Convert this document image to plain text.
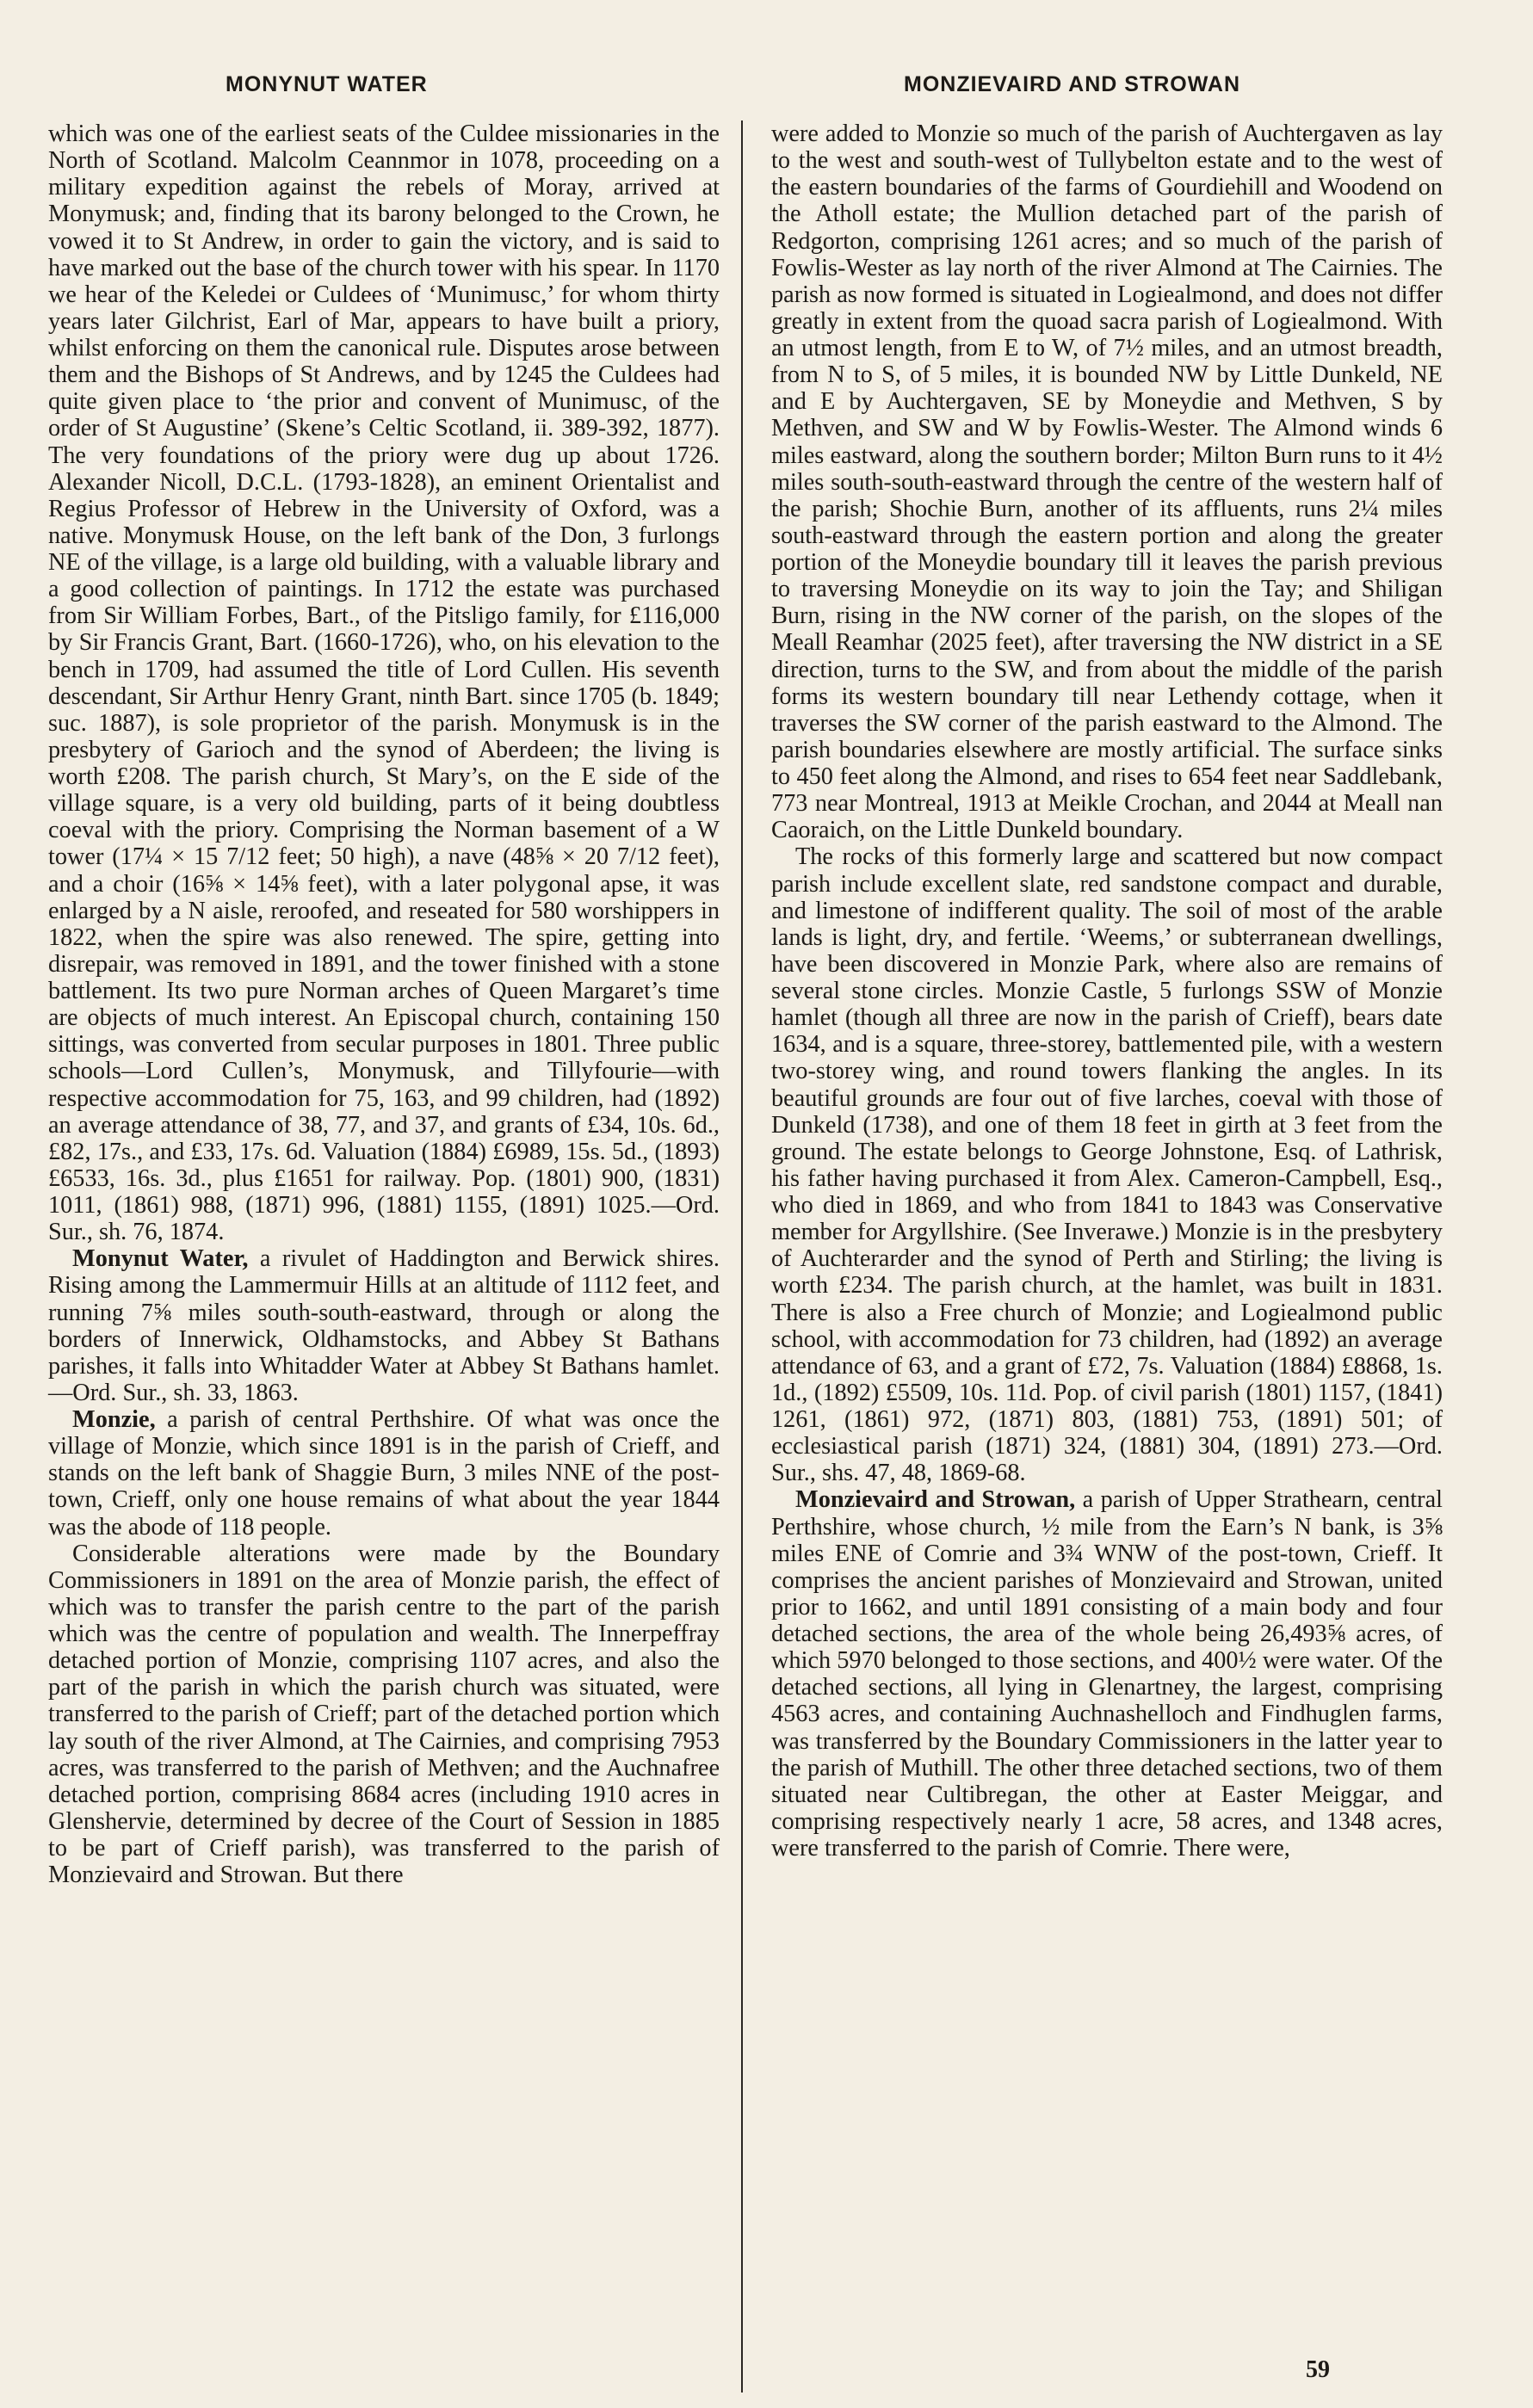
MONYNUT WATER	MONZIEVAIRD AND STROWAN

which was one of the earliest seats of the Culdee missionaries in the North of Scotland. Malcolm Ceannmor in 1078, proceeding on a military expedition against the rebels of Moray, arrived at Monymusk; and, finding that its barony belonged to the Crown, he vowed it to St Andrew, in order to gain the victory, and is said to have marked out the base of the church tower with his spear. In 1170 we hear of the Keledei or Culdees of ‘Munimusc,’ for whom thirty years later Gilchrist, Earl of Mar, appears to have built a priory, whilst enforcing on them the canonical rule. Disputes arose between them and the Bishops of St Andrews, and by 1245 the Culdees had quite given place to ‘the prior and convent of Munimusc, of the order of St Augustine’ (Skene’s Celtic Scotland, ii. 389-392, 1877). The very foundations of the priory were dug up about 1726. Alexander Nicoll, D.C.L. (1793-1828), an eminent Orientalist and Regius Professor of Hebrew in the University of Oxford, was a native. Monymusk House, on the left bank of the Don, 3 furlongs NE of the village, is a large old building, with a valuable library and a good collection of paintings. In 1712 the estate was purchased from Sir William Forbes, Bart., of the Pitsligo family, for £116,000 by Sir Francis Grant, Bart. (1660-1726), who, on his elevation to the bench in 1709, had assumed the title of Lord Cullen. His seventh descendant, Sir Arthur Henry Grant, ninth Bart. since 1705 (b. 1849; suc. 1887), is sole proprietor of the parish. Monymusk is in the presbytery of Garioch and the synod of Aberdeen; the living is worth £208. The parish church, St Mary’s, on the E side of the village square, is a very old building, parts of it being doubtless coeval with the priory. Comprising the Norman basement of a W tower (17¼ × 15 7/12 feet; 50 high), a nave (48⅝ × 20 7/12 feet), and a choir (16⅝ × 14⅝ feet), with a later polygonal apse, it was enlarged by a N aisle, reroofed, and reseated for 580 worshippers in 1822, when the spire was also renewed. The spire, getting into disrepair, was removed in 1891, and the tower finished with a stone battlement. Its two pure Norman arches of Queen Margaret’s time are objects of much interest. An Episcopal church, containing 150 sittings, was converted from secular purposes in 1801. Three public schools—Lord Cullen’s, Monymusk, and Tillyfourie—with respective accommodation for 75, 163, and 99 children, had (1892) an average attendance of 38, 77, and 37, and grants of £34, 10s. 6d., £82, 17s., and £33, 17s. 6d. Valuation (1884) £6989, 15s. 5d., (1893) £6533, 16s. 3d., plus £1651 for railway. Pop. (1801) 900, (1831) 1011, (1861) 988, (1871) 996, (1881) 1155, (1891) 1025.—Ord. Sur., sh. 76, 1874.

Monynut Water, a rivulet of Haddington and Berwick shires. Rising among the Lammermuir Hills at an altitude of 1112 feet, and running 7⅝ miles south-south-eastward, through or along the borders of Innerwick, Oldhamstocks, and Abbey St Bathans parishes, it falls into Whitadder Water at Abbey St Bathans hamlet.—Ord. Sur., sh. 33, 1863.

Monzie, a parish of central Perthshire. Of what was once the village of Monzie, which since 1891 is in the parish of Crieff, and stands on the left bank of Shaggie Burn, 3 miles NNE of the post-town, Crieff, only one house remains of what about the year 1844 was the abode of 118 people.

Considerable alterations were made by the Boundary Commissioners in 1891 on the area of Monzie parish, the effect of which was to transfer the parish centre to the part of the parish which was the centre of population and wealth. The Innerpeffray detached portion of Monzie, comprising 1107 acres, and also the part of the parish in which the parish church was situated, were transferred to the parish of Crieff; part of the detached portion which lay south of the river Almond, at The Cairnies, and comprising 7953 acres, was transferred to the parish of Methven; and the Auchnafree detached portion, comprising 8684 acres (including 1910 acres in Glenshervie, determined by decree of the Court of Session in 1885 to be part of Crieff parish), was transferred to the parish of Monzievaird and Strowan. But there

were added to Monzie so much of the parish of Auchtergaven as lay to the west and south-west of Tullybelton estate and to the west of the eastern boundaries of the farms of Gourdiehill and Woodend on the Atholl estate; the Mullion detached part of the parish of Redgorton, comprising 1261 acres; and so much of the parish of Fowlis-Wester as lay north of the river Almond at The Cairnies. The parish as now formed is situated in Logiealmond, and does not differ greatly in extent from the quoad sacra parish of Logiealmond. With an utmost length, from E to W, of 7½ miles, and an utmost breadth, from N to S, of 5 miles, it is bounded NW by Little Dunkeld, NE and E by Auchtergaven, SE by Moneydie and Methven, S by Methven, and SW and W by Fowlis-Wester. The Almond winds 6 miles eastward, along the southern border; Milton Burn runs to it 4½ miles south-south-eastward through the centre of the western half of the parish; Shochie Burn, another of its affluents, runs 2¼ miles south-eastward through the eastern portion and along the greater portion of the Moneydie boundary till it leaves the parish previous to traversing Moneydie on its way to join the Tay; and Shiligan Burn, rising in the NW corner of the parish, on the slopes of the Meall Reamhar (2025 feet), after traversing the NW district in a SE direction, turns to the SW, and from about the middle of the parish forms its western boundary till near Lethendy cottage, when it traverses the SW corner of the parish eastward to the Almond. The parish boundaries elsewhere are mostly artificial. The surface sinks to 450 feet along the Almond, and rises to 654 feet near Saddlebank, 773 near Montreal, 1913 at Meikle Crochan, and 2044 at Meall nan Caoraich, on the Little Dunkeld boundary.

The rocks of this formerly large and scattered but now compact parish include excellent slate, red sandstone compact and durable, and limestone of indifferent quality. The soil of most of the arable lands is light, dry, and fertile. ‘Weems,’ or subterranean dwellings, have been discovered in Monzie Park, where also are remains of several stone circles. Monzie Castle, 5 furlongs SSW of Monzie hamlet (though all three are now in the parish of Crieff), bears date 1634, and is a square, three-storey, battlemented pile, with a western two-storey wing, and round towers flanking the angles. In its beautiful grounds are four out of five larches, coeval with those of Dunkeld (1738), and one of them 18 feet in girth at 3 feet from the ground. The estate belongs to George Johnstone, Esq. of Lathrisk, his father having purchased it from Alex. Cameron-Campbell, Esq., who died in 1869, and who from 1841 to 1843 was Conservative member for Argyllshire. (See Inverawe.) Monzie is in the presbytery of Auchterarder and the synod of Perth and Stirling; the living is worth £234. The parish church, at the hamlet, was built in 1831. There is also a Free church of Monzie; and Logiealmond public school, with accommodation for 73 children, had (1892) an average attendance of 63, and a grant of £72, 7s. Valuation (1884) £8868, 1s. 1d., (1892) £5509, 10s. 11d. Pop. of civil parish (1801) 1157, (1841) 1261, (1861) 972, (1871) 803, (1881) 753, (1891) 501; of ecclesiastical parish (1871) 324, (1881) 304, (1891) 273.—Ord. Sur., shs. 47, 48, 1869-68.

Monzievaird and Strowan, a parish of Upper Strathearn, central Perthshire, whose church, ½ mile from the Earn’s N bank, is 3⅝ miles ENE of Comrie and 3¾ WNW of the post-town, Crieff. It comprises the ancient parishes of Monzievaird and Strowan, united prior to 1662, and until 1891 consisting of a main body and four detached sections, the area of the whole being 26,493⅝ acres, of which 5970 belonged to those sections, and 400½ were water. Of the detached sections, all lying in Glenartney, the largest, comprising 4563 acres, and containing Auchnashelloch and Findhuglen farms, was transferred by the Boundary Commissioners in the latter year to the parish of Muthill. The other three detached sections, two of them situated near Cultibregan, the other at Easter Meiggar, and comprising respectively nearly 1 acre, 58 acres, and 1348 acres, were transferred to the parish of Comrie. There were,

59
